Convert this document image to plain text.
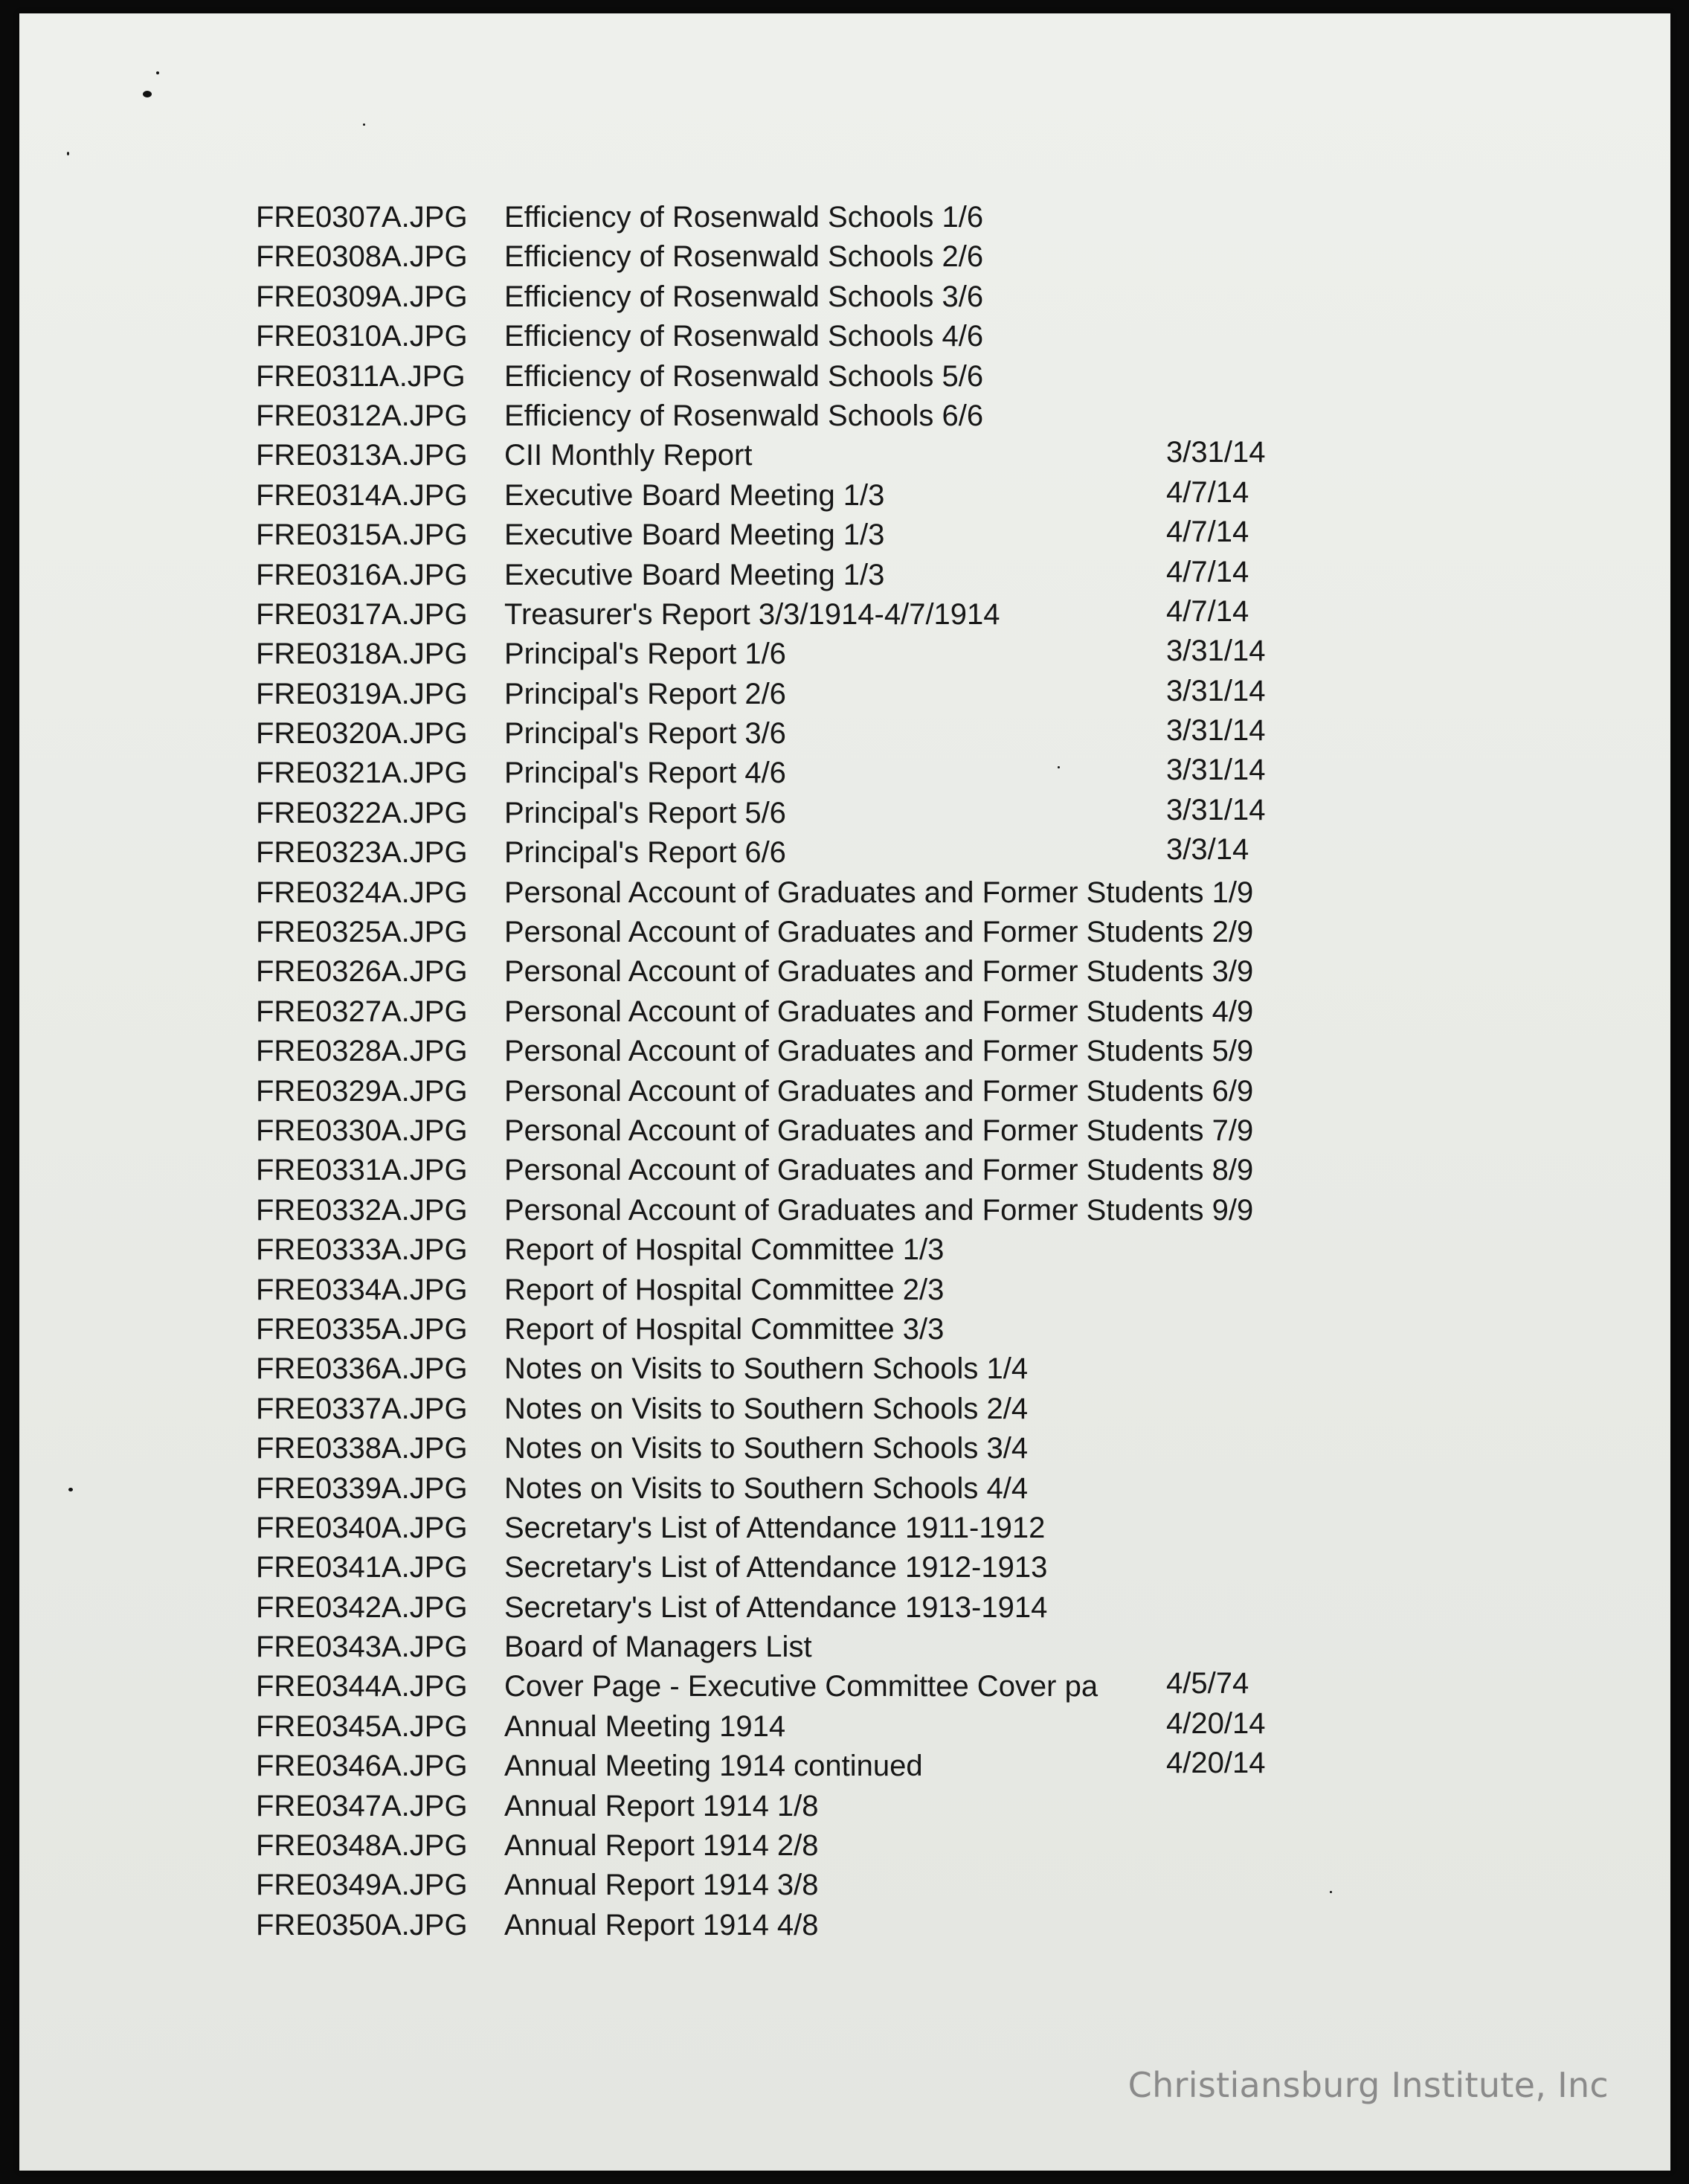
FRE0307A.JPG Efficiency of Rosenwald Schools 1/6
FRE0308A.JPG Efficiency of Rosenwald Schools 2/6
FRE0309A.JPG Efficiency of Rosenwald Schools 3/6
FRE0310A.JPG Efficiency of Rosenwald Schools 4/6
FRE0311A.JPG Efficiency of Rosenwald Schools 5/6
FRE0312A.JPG Efficiency of Rosenwald Schools 6/6
FRE0313A.JPG CII Monthly Report	3/31/14
FRE0314A.JPG Executive Board Meeting 1/3	4/7/14
FRE0315A.JPG Executive Board Meeting 1/3	4/7/14
FRE0316A.JPG Executive Board Meeting 1/3	4/7/14
FRE0317A.JPG Treasurer's Report 3/3/1914-4/7/1914	4/7/14
FRE0318A.JPG Principal's Report 1/6	3/31/14
FRE0319A.JPG Principal's Report 2/6	3/31/14
FRE0320A.JPG Principal's Report 3/6	3/31/14
FRE0321A.JPG Principal's Report 4/6	3/31/14
FRE0322A.JPG Principal's Report 5/6	3/31/14
FRE0323A.JPG Principal's Report 6/6	3/3/14
FRE0324A.JPG Personal Account of Graduates and Former Students 1/9
FRE0325A.JPG Personal Account of Graduates and Former Students 2/9
FRE0326A.JPG Personal Account of Graduates and Former Students 3/9
FRE0327A.JPG Personal Account of Graduates and Former Students 4/9
FRE0328A.JPG Personal Account of Graduates and Former Students 5/9
FRE0329A.JPG Personal Account of Graduates and Former Students 6/9
FRE0330A.JPG Personal Account of Graduates and Former Students 7/9
FRE0331A.JPG Personal Account of Graduates and Former Students 8/9
FRE0332A.JPG Personal Account of Graduates and Former Students 9/9
FRE0333A.JPG Report of Hospital Committee 1/3
FRE0334A.JPG Report of Hospital Committee 2/3
FRE0335A.JPG Report of Hospital Committee 3/3
FRE0336A.JPG Notes on Visits to Southern Schools 1/4
FRE0337A.JPG Notes on Visits to Southern Schools 2/4
FRE0338A.JPG Notes on Visits to Southern Schools 3/4
FRE0339A.JPG Notes on Visits to Southern Schools 4/4
FRE0340A.JPG Secretary's List of Attendance 1911-1912
FRE0341A.JPG Secretary's List of Attendance 1912-1913
FRE0342A.JPG Secretary's List of Attendance 1913-1914
FRE0343A.JPG Board of Managers List
FRE0344A.JPG Cover Page - Executive Committee Cover pa 4/5/74
FRE0345A.JPG Annual Meeting 1914	4/20/14
FRE0346A.JPG Annual Meeting 1914 continued	4/20/14
FRE0347A.JPG Annual Report 1914 1/8
FRE0348A.JPG Annual Report 1914 2/8
FRE0349A.JPG Annual Report 1914 3/8
FRE0350A.JPG Annual Report 1914 4/8
Christiansburg Institute, Inc
